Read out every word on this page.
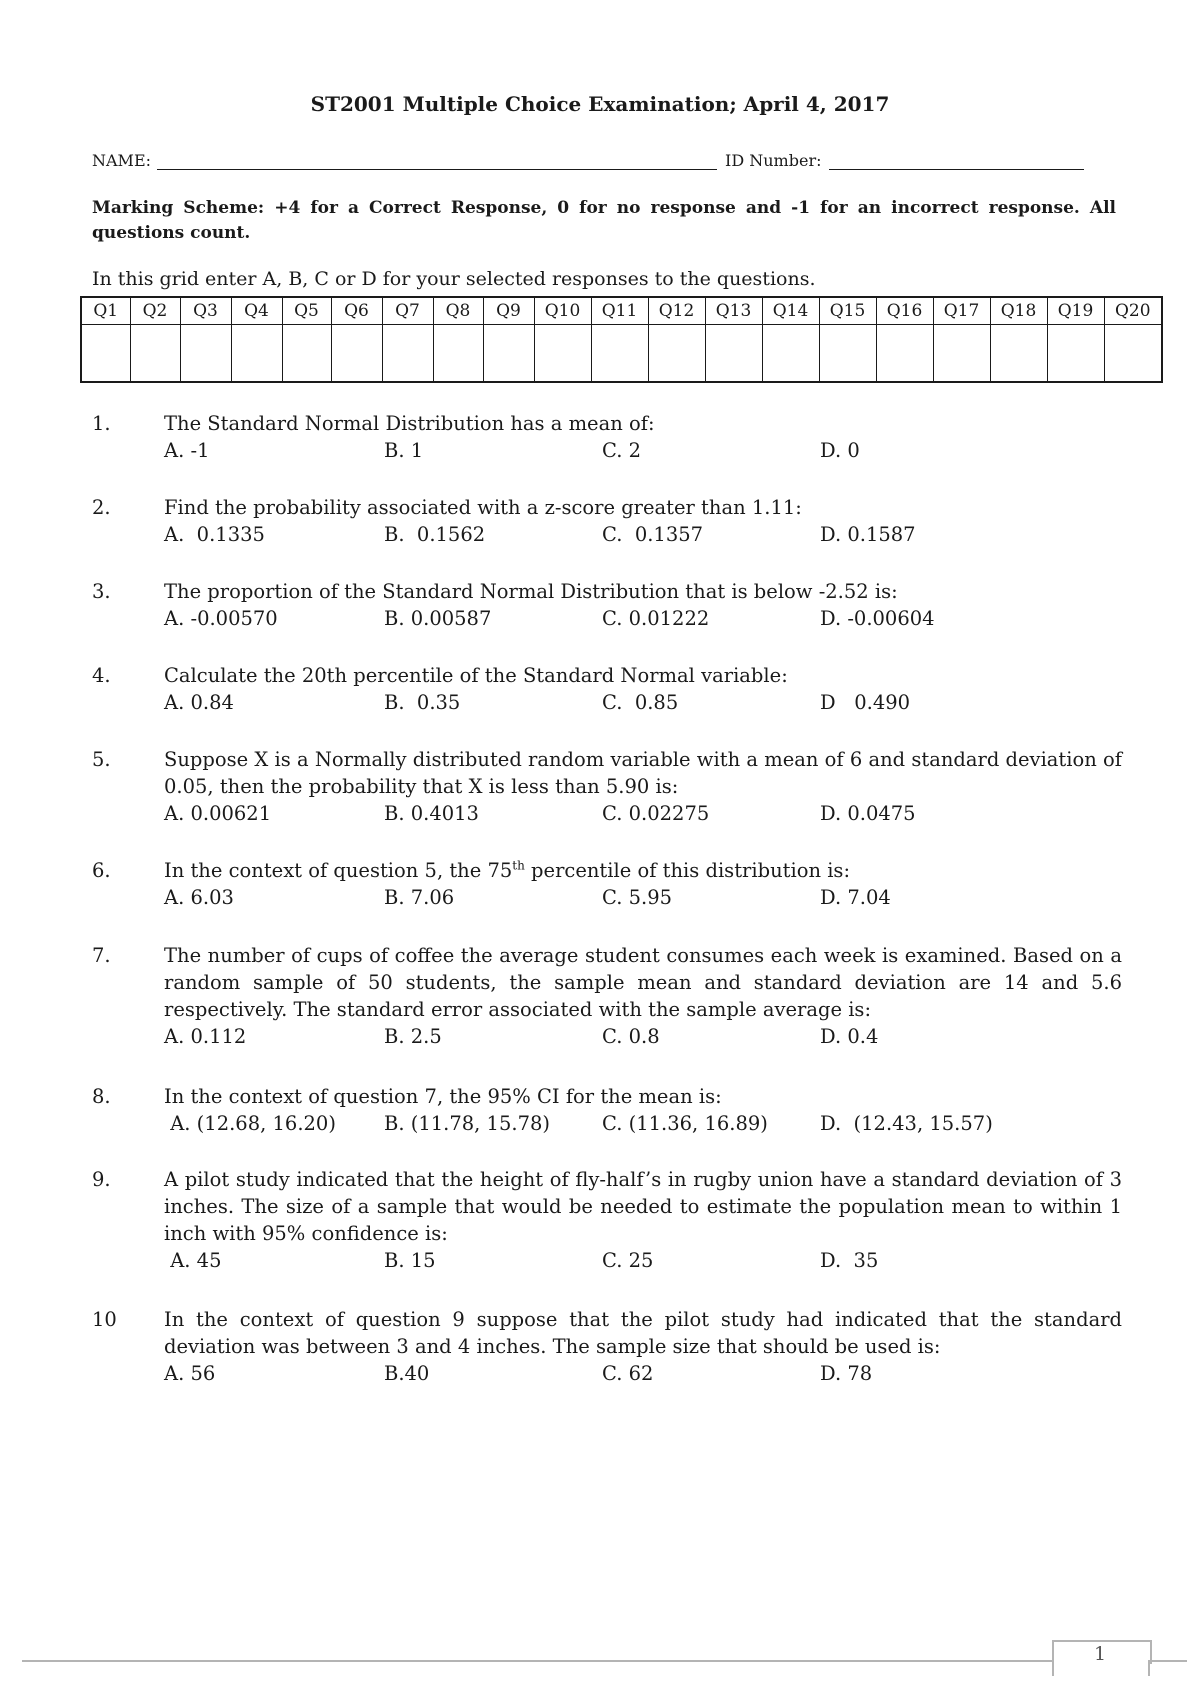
ST2001 Multiple Choice Examination; April 4, 2017
NAME:	ID Number:
Marking Scheme: +4 for a Correct Response, 0 for no response and -1 for an incorrect response. All questions count.
In this grid enter A, B, C or D for your selected responses to the questions.
Q1	Q2	Q3	Q4	Q5	Q6	Q7	Q8	Q9	Q10	Q11	Q12	Q13	Q14	Q15	Q16	Q17	Q18	Q19	Q20

1.	The Standard Normal Distribution has a mean of:
A. -1	B. 1	C. 2	D. 0
2.	Find the probability associated with a z-score greater than 1.11:
A.  0.1335	B.  0.1562	C.  0.1357	D. 0.1587
3.	The proportion of the Standard Normal Distribution that is below -2.52 is:
A. -0.00570	B. 0.00587	C. 0.01222	D. -0.00604
4.	Calculate the 20th percentile of the Standard Normal variable:
A. 0.84	B.  0.35	C.  0.85	D   0.490
5.	Suppose X is a Normally distributed random variable with a mean of 6 and standard deviation of 0.05, then the probability that X is less than 5.90 is:
A. 0.00621	B. 0.4013	C. 0.02275	D. 0.0475
6.	In the context of question 5, the 75th percentile of this distribution is:
A. 6.03	B. 7.06	C. 5.95	D. 7.04
7.	The number of cups of coffee the average student consumes each week is examined. Based on a random sample of 50 students, the sample mean and standard deviation are 14 and 5.6 respectively. The standard error associated with the sample average is:
A. 0.112	B. 2.5	C. 0.8	D. 0.4
8.	In the context of question 7, the 95% CI for the mean is:
A. (12.68, 16.20) B. (11.78, 15.78)	C. (11.36, 16.89)	D.  (12.43, 15.57)
9.	A pilot study indicated that the height of fly-half’s in rugby union have a standard deviation of 3 inches. The size of a sample that would be needed to estimate the population mean to within 1 inch with 95% confidence is:
A. 45	B. 15	C. 25	D.  35
10 In the context of question 9 suppose that the pilot study had indicated that the standard deviation was between 3 and 4 inches. The sample size that should be used is:
A. 56	B.40	C. 62	D. 78
1
